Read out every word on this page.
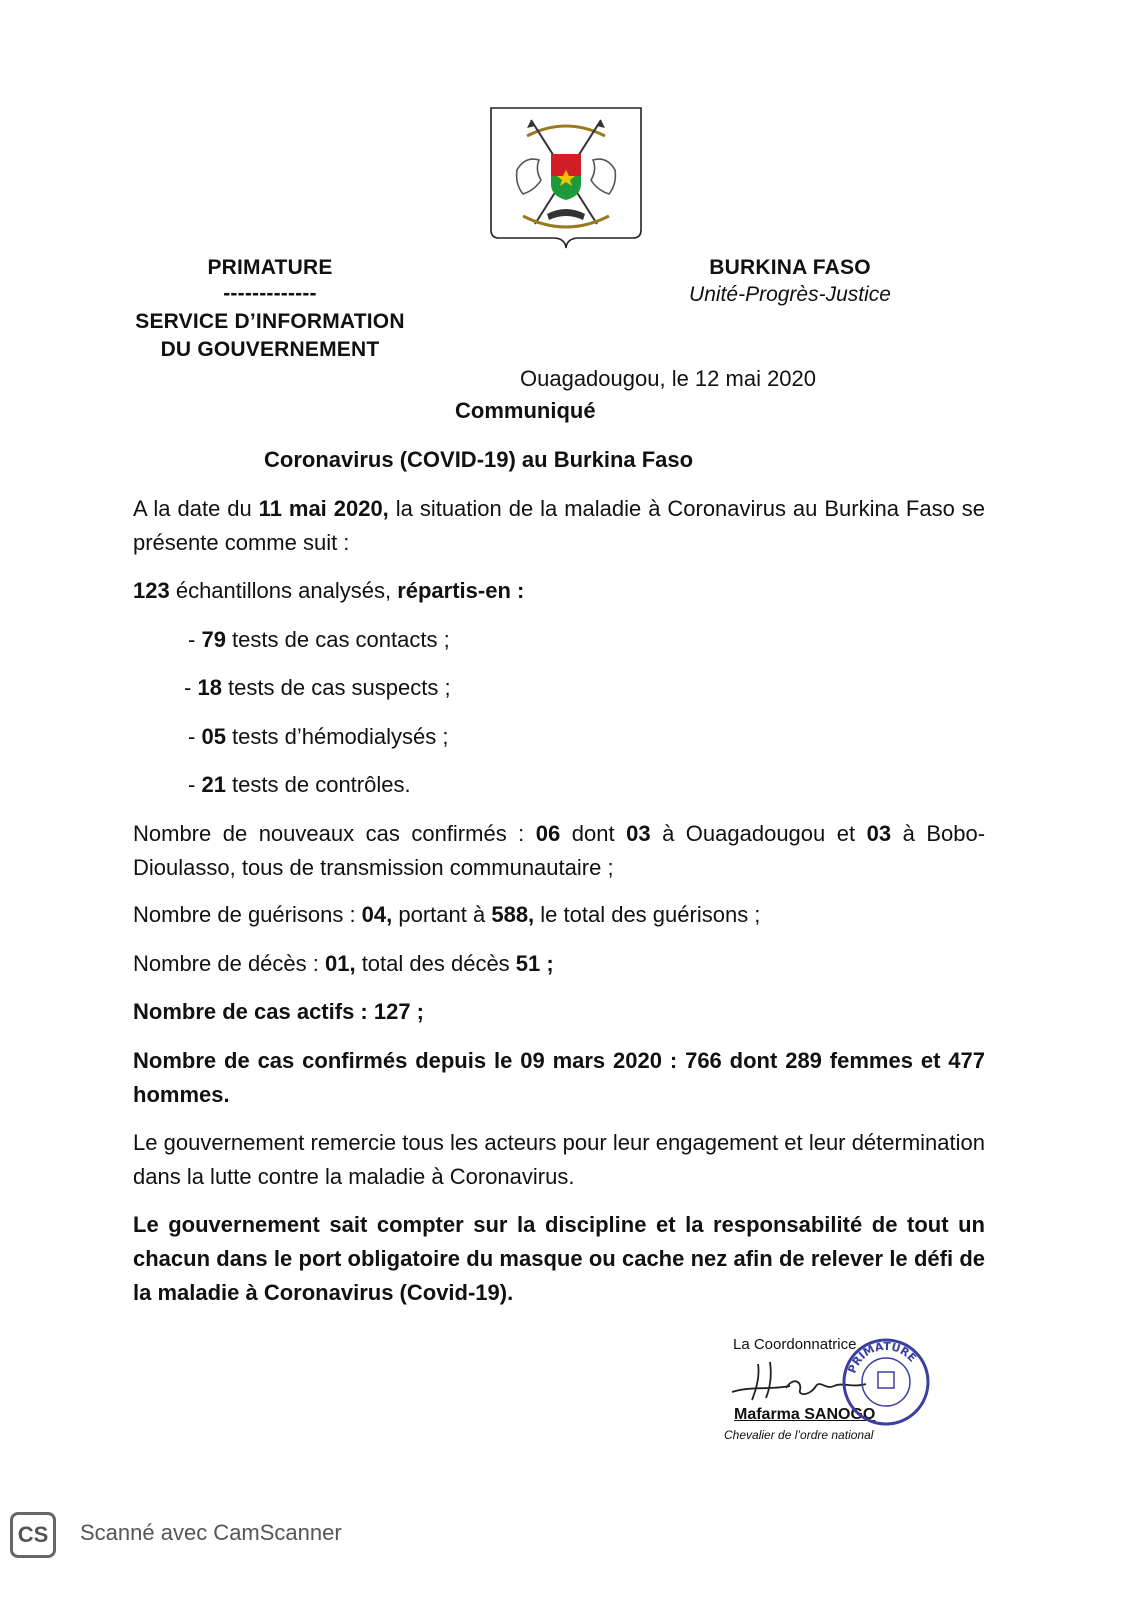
PRIMATURE
-------------
SERVICE D’INFORMATION
DU GOUVERNEMENT
BURKINA FASO
Unité-Progrès-Justice
Ouagadougou, le 12 mai 2020
Communiqué
Coronavirus (COVID-19) au Burkina Faso
A la date du 11 mai 2020, la situation de la maladie à Coronavirus au Burkina Faso se présente comme suit :
123 échantillons analysés, répartis-en :
- 79 tests de cas contacts ;
- 18 tests de cas suspects ;
- 05 tests d’hémodialysés ;
- 21 tests de contrôles.
Nombre de nouveaux cas confirmés : 06 dont 03 à Ouagadougou et 03 à Bobo-Dioulasso, tous de transmission communautaire ;
Nombre de guérisons : 04, portant à 588, le total des guérisons ;
Nombre de décès : 01, total des décès 51 ;
Nombre de cas actifs : 127 ;
Nombre de cas confirmés depuis le 09 mars 2020 : 766 dont 289 femmes et 477 hommes.
Le gouvernement remercie tous les acteurs pour leur engagement et leur détermination dans la lutte contre la maladie à Coronavirus.
Le gouvernement sait compter sur la discipline et la responsabilité de tout un chacun dans le port obligatoire du masque ou cache nez afin de relever le défi de la maladie à Coronavirus (Covid-19).
La Coordonnatrice
Mafarma SANOGO
Chevalier de l’ordre national
PRIMATURE
CS	Scanné avec CamScanner
